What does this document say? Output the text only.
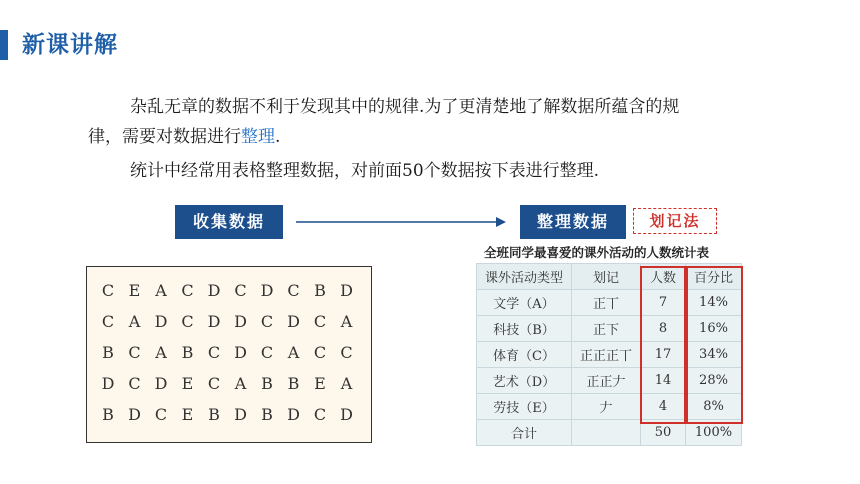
新课讲解
杂乱无章的数据不利于发现其中的规律.为了更清楚地了解数据所蕴含的规
律，需要对数据进行整理.
统计中经常用表格整理数据，对前面50个数据按下表进行整理.
收集数据	整理数据	划记法
C E A C D C D C B D
C A D C D D C D C A
B C A B C D C A C C
D C D E C A B B E A
B D C E B D B D C D
全班同学最喜爱的课外活动的人数统计表
课外活动类型	划记	人数	百分比
文学（A）	正丅	7	14%
科技（B）	正下	8	16%
体育（C）	正正正丅	17	34%
艺术（D）	正正𠂇	14	28%
劳技（E）	𠂇	4	8%
合计		50	100%
